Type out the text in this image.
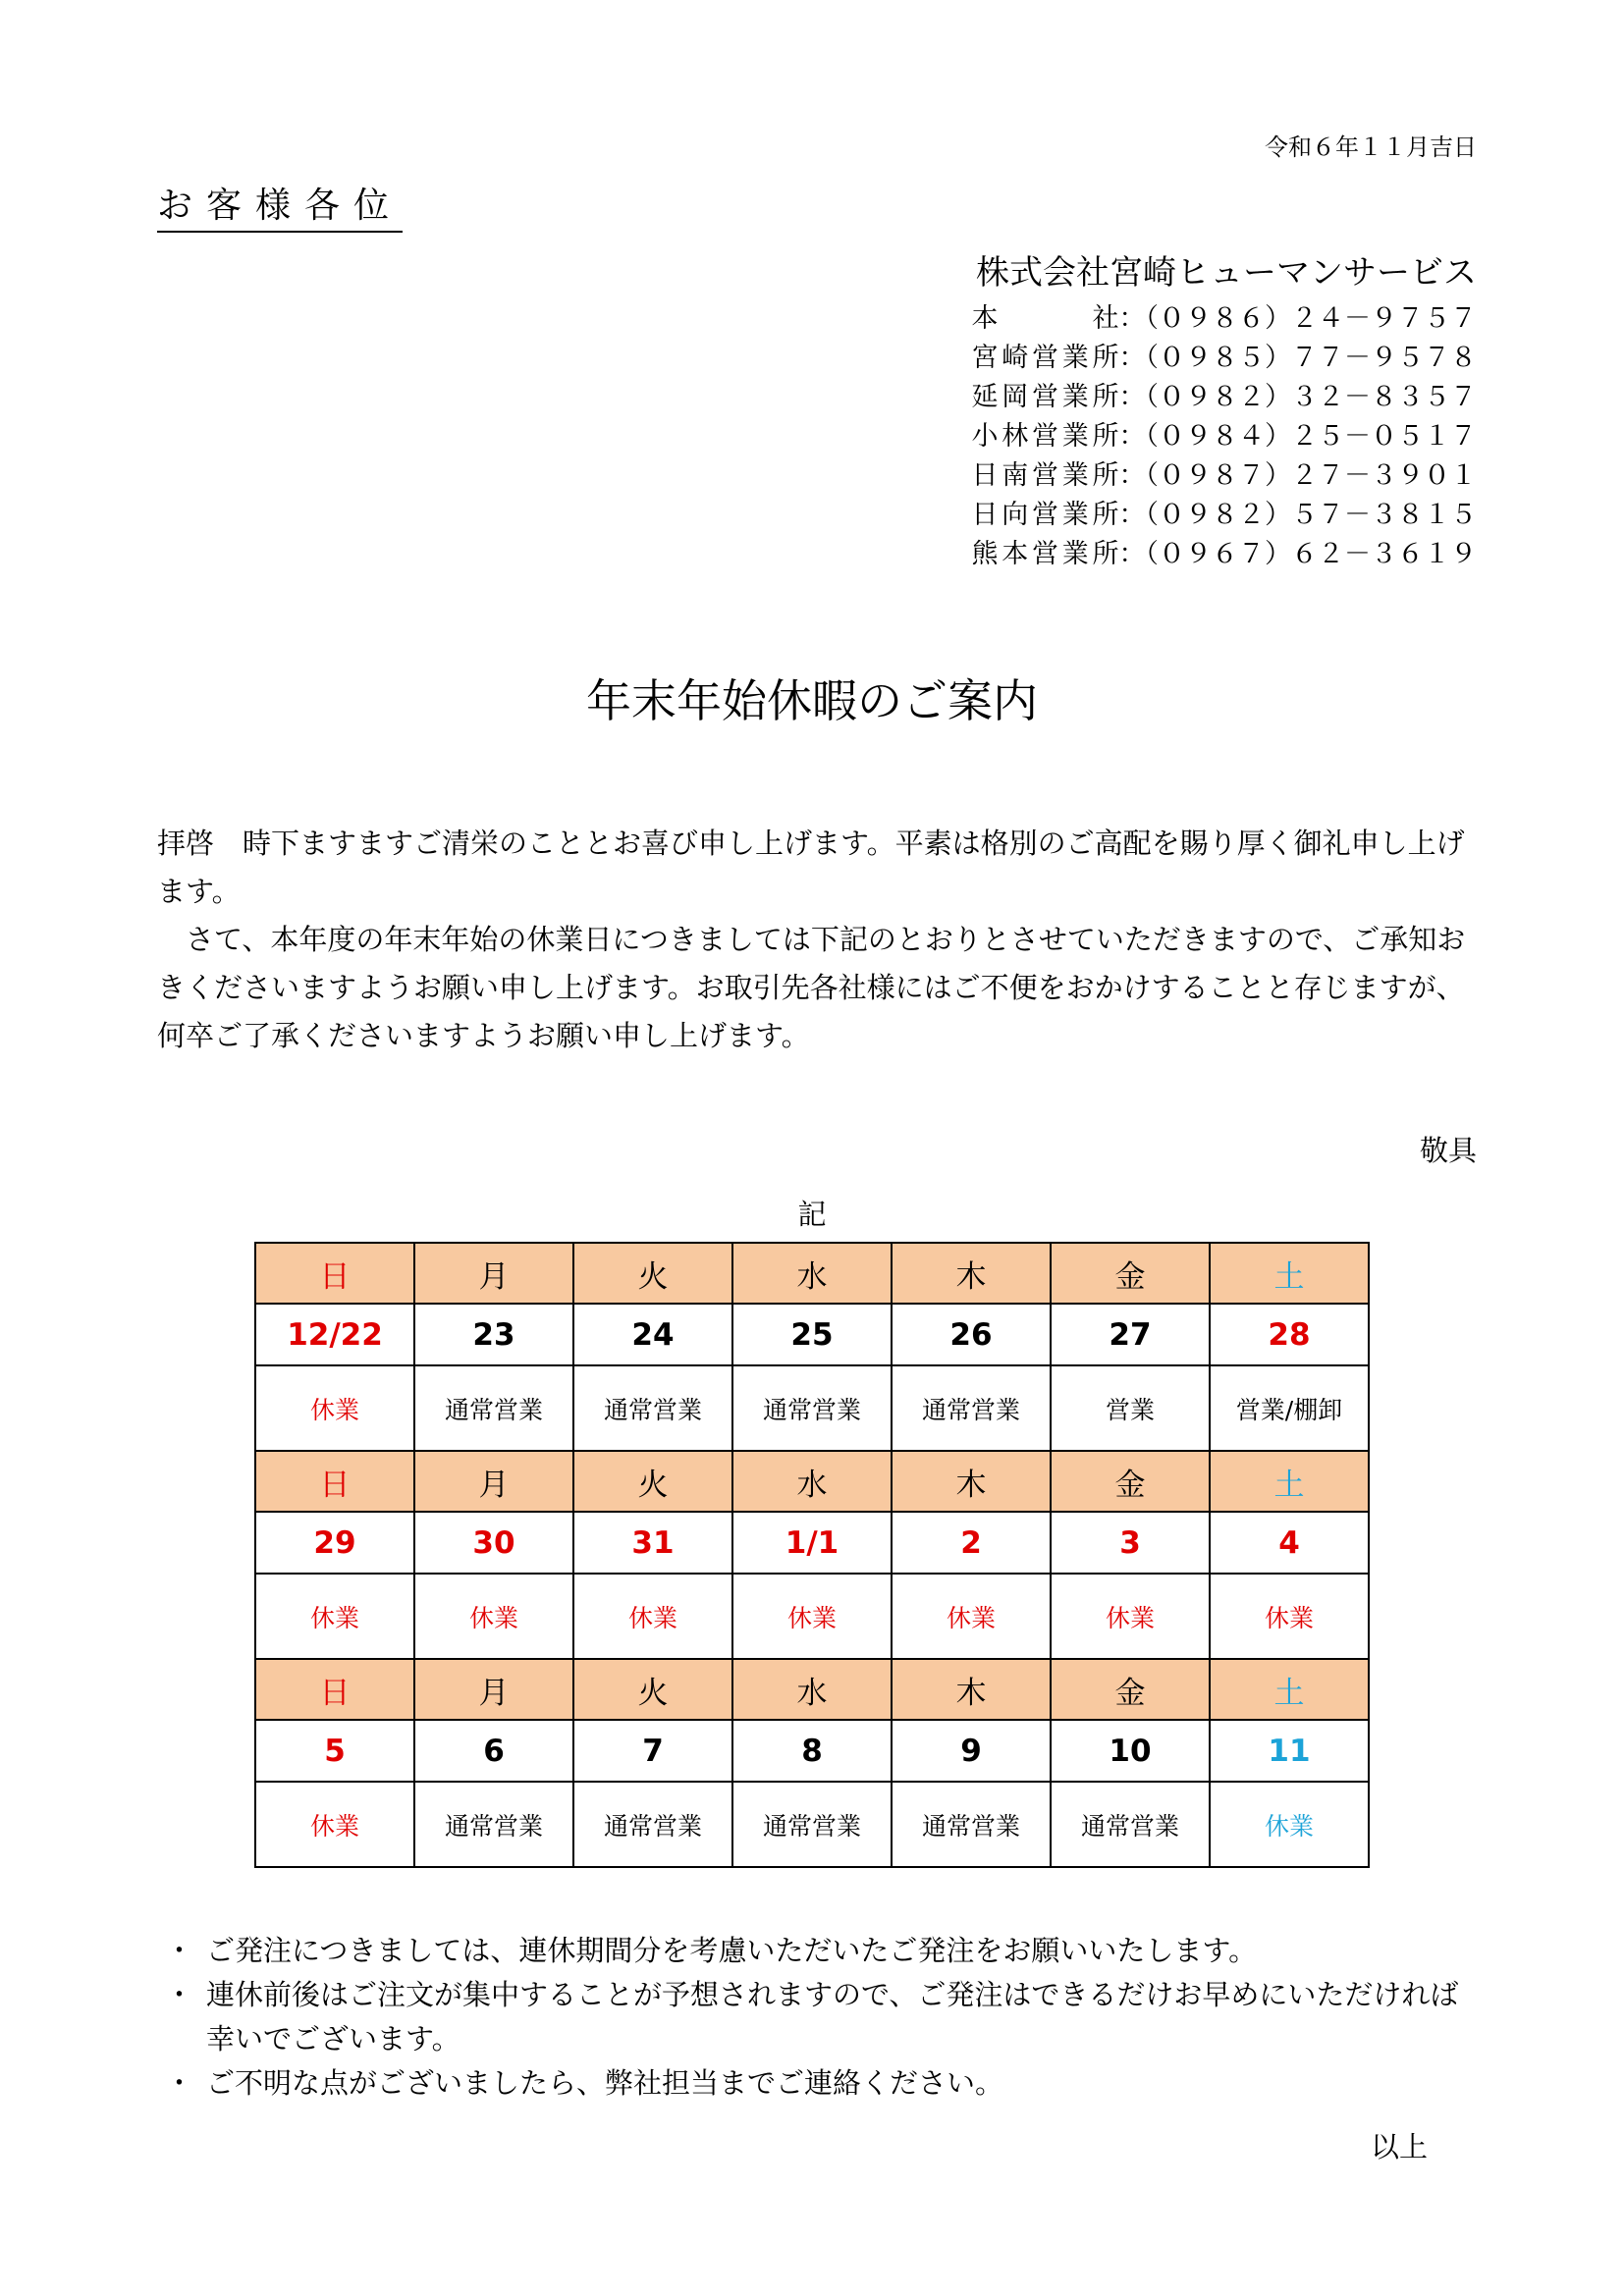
令和６年１１月吉日
お客様各位
株式会社宮崎ヒューマンサービス
本　　社：（０９８６）２４－９７５７
宮崎営業所：（０９８５）７７－９５７８
延岡営業所：（０９８２）３２－８３５７
小林営業所：（０９８４）２５－０５１７
日南営業所：（０９８７）２７－３９０１
日向営業所：（０９８２）５７－３８１５
熊本営業所：（０９６７）６２－３６１９
年末年始休暇のご案内

拝啓　時下ますますご清栄のこととお喜び申し上げます。平素は格別のご高配を賜り厚く御礼申し上げます。

　さて、本年度の年末年始の休業日につきましては下記のとおりとさせていただきますので、ご承知おきくださいますようお願い申し上げます。お取引先各社様にはご不便をおかけすることと存じますが、何卒ご了承くださいますようお願い申し上げます。

敬具
記
日	月	火	水	木	金	土
12/22	23	24	25	26	27	28
休業	通常営業	通常営業	通常営業	通常営業	営業	営業/棚卸
日	月	火	水	木	金	土
29	30	31	1/1	2	3	4
休業	休業	休業	休業	休業	休業	休業
日	月	火	水	木	金	土
5	6	7	8	9	10	11
休業	通常営業	通常営業	通常営業	通常営業	通常営業	休業
・ ご発注につきましては、連休期間分を考慮いただいたご発注をお願いいたします。
・ 連休前後はご注文が集中することが予想されますので、ご発注はできるだけお早めにいただければ幸いでございます。
・ ご不明な点がございましたら、弊社担当までご連絡ください。
以上
